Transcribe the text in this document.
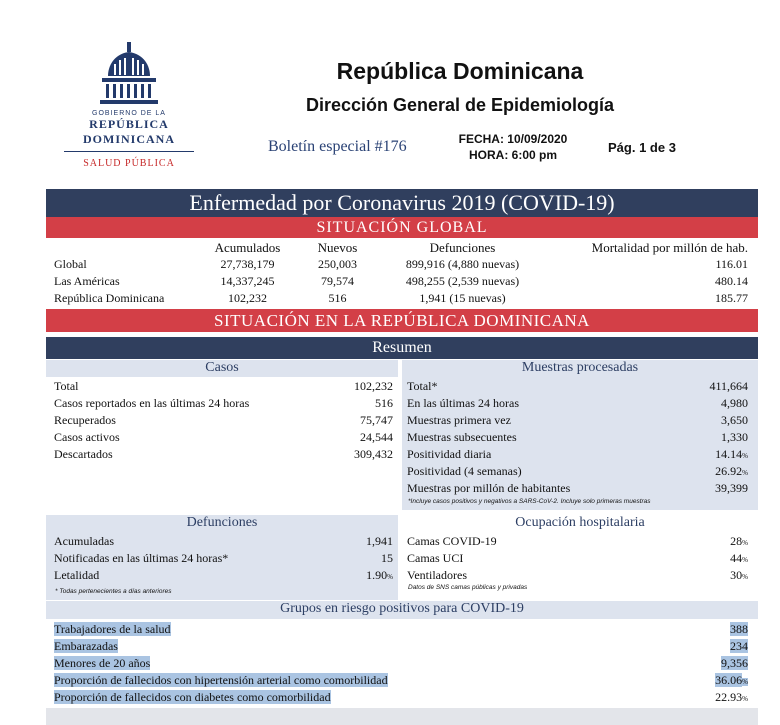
GOBIERNO DE LA
REPÚBLICA DOMINICANA
SALUD PÚBLICA
República Dominicana
Dirección General de Epidemiología
Boletín especial #176	FECHA: 10/09/2020
HORA: 6:00 pm	Pág. 1 de 3
Enfermedad por Coronavirus 2019 (COVID-19)
SITUACIÓN GLOBAL
Acumulados	Nuevos	Defunciones	Mortalidad por millón de hab.
Global	27,738,179	250,003	899,916 (4,880 nuevas)	116.01
Las Américas	14,337,245	79,574	498,255 (2,539 nuevas)	480.14
República Dominicana	102,232	516	1,941 (15 nuevas)	185.77
SITUACIÓN EN LA REPÚBLICA DOMINICANA
Resumen
Casos
Total	102,232
Casos reportados en las últimas 24 horas	516
Recuperados	75,747
Casos activos	24,544
Descartados	309,432
Muestras procesadas
Total*	411,664
En las últimas 24 horas	4,980
Muestras primera vez	3,650
Muestras subsecuentes	1,330
Positividad diaria	14.14%
Positividad (4 semanas)	26.92%
Muestras por millón de habitantes	39,399
*Incluye casos positivos y negativos a SARS-CoV-2. Incluye solo primeras muestras
Defunciones
Acumuladas	1,941
Notificadas en las últimas 24 horas*	15
Letalidad	1.90%
* Todas pertenecientes a días anteriores
Ocupación hospitalaria
Camas COVID-19	28%
Camas UCI	44%
Ventiladores	30%
Datos de SNS camas públicas y privadas
Grupos en riesgo positivos para COVID-19
Trabajadores de la salud	388
Embarazadas	234
Menores de 20 años	9,356
Proporción de fallecidos con hipertensión arterial como comorbilidad	36.06%
Proporción de fallecidos con diabetes como comorbilidad	22.93%
